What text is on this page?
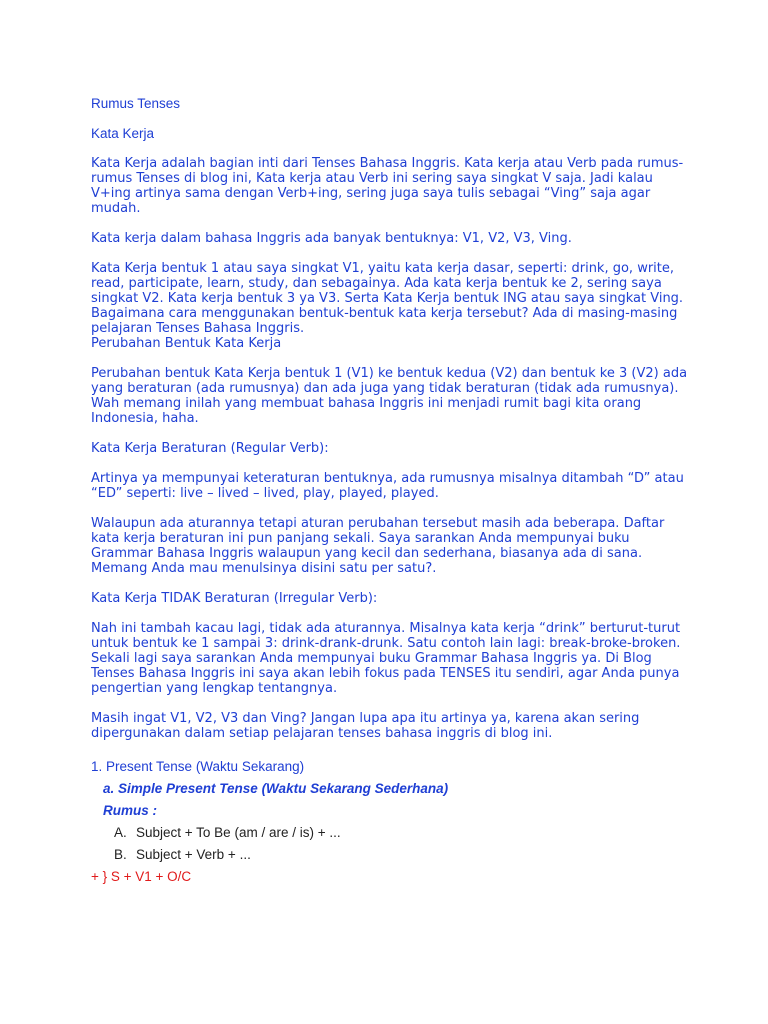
Rumus Tenses

Kata Kerja

Kata Kerja adalah bagian inti dari Tenses Bahasa Inggris. Kata kerja atau Verb pada rumus-rumus Tenses di blog ini, Kata kerja atau Verb ini sering saya singkat V saja. Jadi kalau V+ing artinya sama dengan Verb+ing, sering juga saya tulis sebagai “Ving” saja agar mudah.

Kata kerja dalam bahasa Inggris ada banyak bentuknya: V1, V2, V3, Ving.

Kata Kerja bentuk 1 atau saya singkat V1, yaitu kata kerja dasar, seperti: drink, go, write, read, participate, learn, study, dan sebagainya. Ada kata kerja bentuk ke 2, sering saya singkat V2. Kata kerja bentuk 3 ya V3. Serta Kata Kerja bentuk ING atau saya singkat Ving. Bagaimana cara menggunakan bentuk-bentuk kata kerja tersebut? Ada di masing-masing pelajaran Tenses Bahasa Inggris.

Perubahan Bentuk Kata Kerja

Perubahan bentuk Kata Kerja bentuk 1 (V1) ke bentuk kedua (V2) dan bentuk ke 3 (V2) ada yang beraturan (ada rumusnya) dan ada juga yang tidak beraturan (tidak ada rumusnya). Wah memang inilah yang membuat bahasa Inggris ini menjadi rumit bagi kita orang Indonesia, haha.

Kata Kerja Beraturan (Regular Verb):

Artinya ya mempunyai keteraturan bentuknya, ada rumusnya misalnya ditambah “D” atau “ED” seperti: live – lived – lived, play, played, played.

Walaupun ada aturannya tetapi aturan perubahan tersebut masih ada beberapa. Daftar kata kerja beraturan ini pun panjang sekali. Saya sarankan Anda mempunyai buku Grammar Bahasa Inggris walaupun yang kecil dan sederhana, biasanya ada di sana. Memang Anda mau menulsinya disini satu per satu?.

Kata Kerja TIDAK Beraturan (Irregular Verb):

Nah ini tambah kacau lagi, tidak ada aturannya. Misalnya kata kerja “drink” berturut-turut untuk bentuk ke 1 sampai 3: drink-drank-drunk. Satu contoh lain lagi: break-broke-broken. Sekali lagi saya sarankan Anda mempunyai buku Grammar Bahasa Inggris ya. Di Blog Tenses Bahasa Inggris ini saya akan lebih fokus pada TENSES itu sendiri, agar Anda punya pengertian yang lengkap tentangnya.

Masih ingat V1, V2, V3 dan Ving? Jangan lupa apa itu artinya ya, karena akan sering dipergunakan dalam setiap pelajaran tenses bahasa inggris di blog ini.

1. Present Tense (Waktu Sekarang)

a. Simple Present Tense (Waktu Sekarang Sederhana)

Rumus :

A. Subject + To Be (am / are / is) + ...

B. Subject + Verb + ...

+ } S + V1 + O/C
